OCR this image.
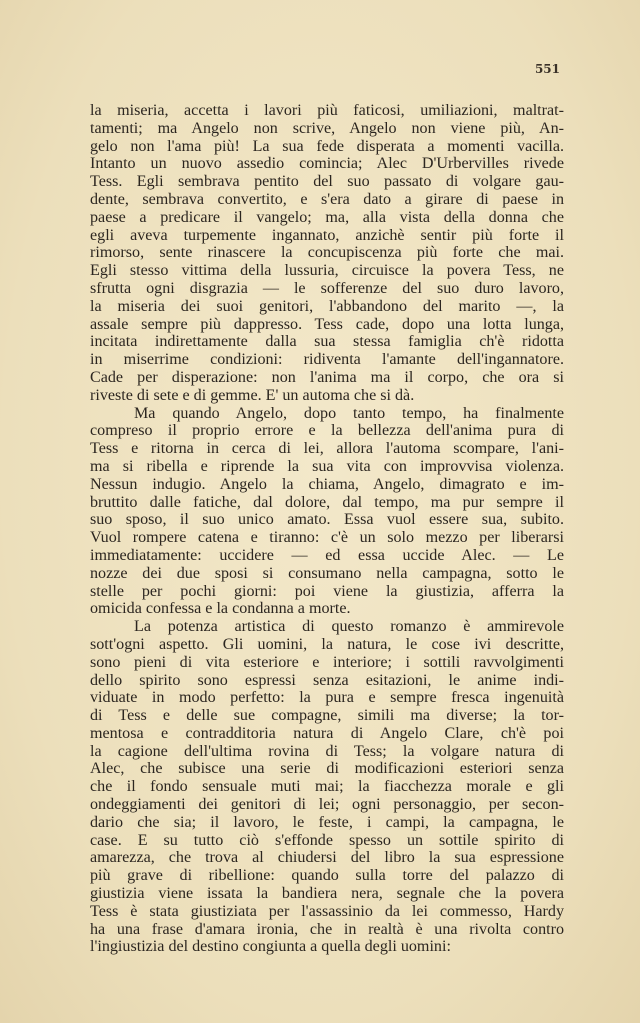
551

la miseria, accetta i lavori più faticosi, umiliazioni, maltrat-
tamenti; ma Angelo non scrive, Angelo non viene più, An-
gelo non l'ama più! La sua fede disperata a momenti vacilla.
Intanto un nuovo assedio comincia; Alec D'Urbervilles rivede
Tess. Egli sembrava pentito del suo passato di volgare gau-
dente, sembrava convertito, e s'era dato a girare di paese in
paese a predicare il vangelo; ma, alla vista della donna che
egli aveva turpemente ingannato, anzichè sentir più forte il
rimorso, sente rinascere la concupiscenza più forte che mai.
Egli stesso vittima della lussuria, circuisce la povera Tess, ne
sfrutta ogni disgrazia — le sofferenze del suo duro lavoro,
la miseria dei suoi genitori, l'abbandono del marito —, la
assale sempre più dappresso. Tess cade, dopo una lotta lunga,
incitata indirettamente dalla sua stessa famiglia ch'è ridotta
in miserrime condizioni: ridiventa l'amante dell'ingannatore.
Cade per disperazione: non l'anima ma il corpo, che ora si
riveste di sete e di gemme. E' un automa che si dà.

Ma quando Angelo, dopo tanto tempo, ha finalmente
compreso il proprio errore e la bellezza dell'anima pura di
Tess e ritorna in cerca di lei, allora l'automa scompare, l'ani-
ma si ribella e riprende la sua vita con improvvisa violenza.
Nessun indugio. Angelo la chiama, Angelo, dimagrato e im-
bruttito dalle fatiche, dal dolore, dal tempo, ma pur sempre il
suo sposo, il suo unico amato. Essa vuol essere sua, subito.
Vuol rompere catena e tiranno: c'è un solo mezzo per liberarsi
immediatamente: uccidere — ed essa uccide Alec. — Le
nozze dei due sposi si consumano nella campagna, sotto le
stelle per pochi giorni: poi viene la giustizia, afferra la
omicida confessa e la condanna a morte.

La potenza artistica di questo romanzo è ammirevole
sott'ogni aspetto. Gli uomini, la natura, le cose ivi descritte,
sono pieni di vita esteriore e interiore; i sottili ravvolgimenti
dello spirito sono espressi senza esitazioni, le anime indi-
viduate in modo perfetto: la pura e sempre fresca ingenuità
di Tess e delle sue compagne, simili ma diverse; la tor-
mentosa e contradditoria natura di Angelo Clare, ch'è poi
la cagione dell'ultima rovina di Tess; la volgare natura di
Alec, che subisce una serie di modificazioni esteriori senza
che il fondo sensuale muti mai; la fiacchezza morale e gli
ondeggiamenti dei genitori di lei; ogni personaggio, per secon-
dario che sia; il lavoro, le feste, i campi, la campagna, le
case. E su tutto ciò s'effonde spesso un sottile spirito di
amarezza, che trova al chiudersi del libro la sua espressione
più grave di ribellione: quando sulla torre del palazzo di
giustizia viene issata la bandiera nera, segnale che la povera
Tess è stata giustiziata per l'assassinio da lei commesso, Hardy
ha una frase d'amara ironia, che in realtà è una rivolta contro
l'ingiustizia del destino congiunta a quella degli uomini:
